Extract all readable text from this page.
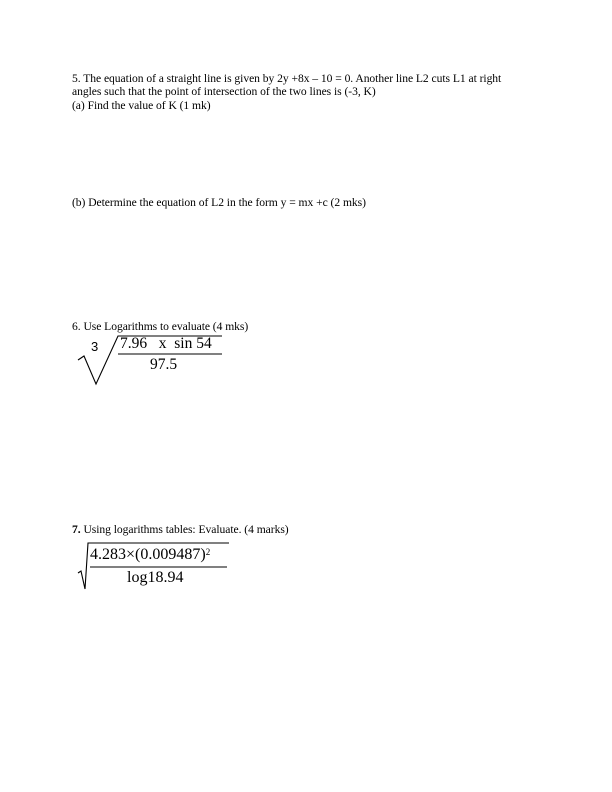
5. The equation of a straight line is given by 2y +8x – 10 = 0. Another line L2 cuts L1 at right
angles such that the point of intersection of the two lines is (-3, K)
(a) Find the value of K (1 mk)
(b) Determine the equation of L2 in the form y = mx +c (2 mks)
6. Use Logarithms to evaluate (4 mks)
3 7.96   x  sin 54
97.5
7. Using logarithms tables: Evaluate. (4 marks)
$4.283\times(0.009487)^2$
log18.94
